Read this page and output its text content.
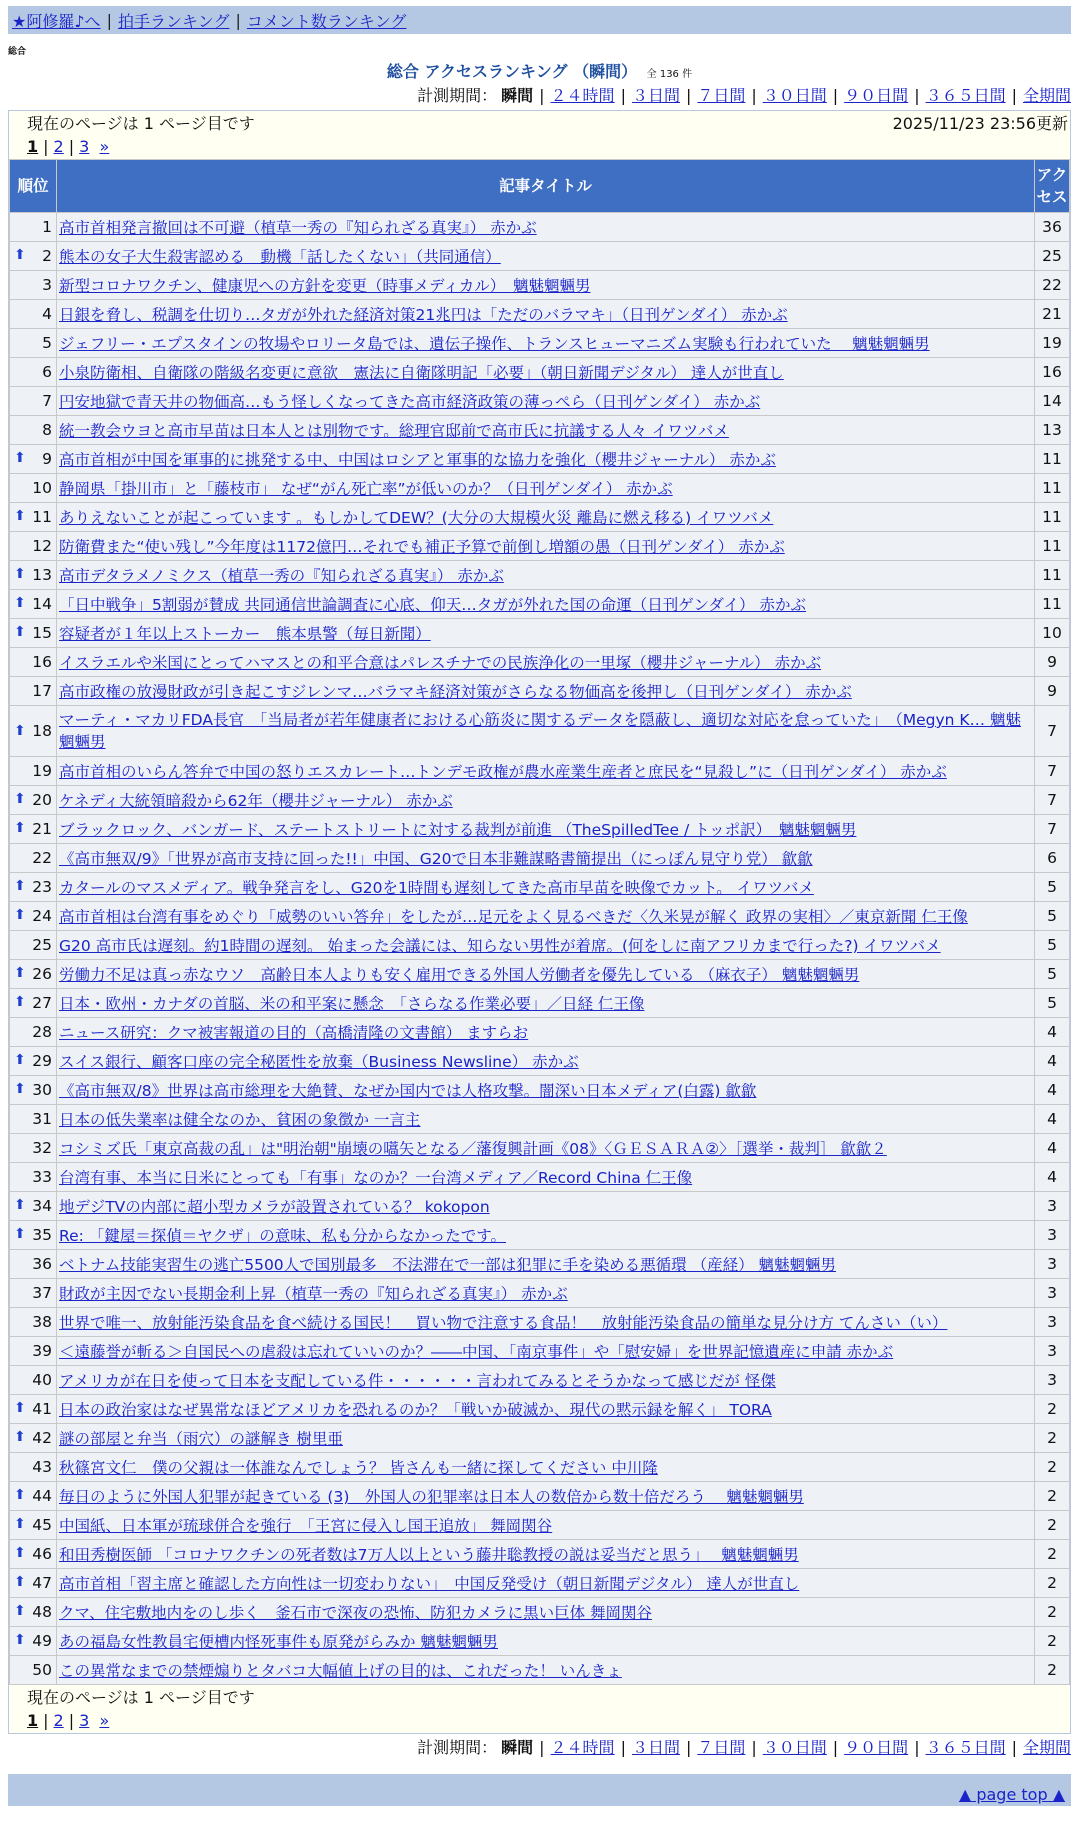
★阿修羅♪へ | 拍手ランキング | コメント数ランキング
総合
総合 アクセスランキング （瞬間） 全 136 件
計測期間： 瞬間 | ２４時間 | ３日間 | ７日間 | ３０日間 | ９０日間 | ３６５日間 | 全期間
現在のページは 1 ページ目です	2025/11/23 23:56更新
1 | 2 | 3 »
順位	記事タイトル	アクセス
1	高市首相発言撤回は不可避（植草一秀の『知られざる真実』） 赤かぶ	36

⬆ 2	熊本の女子大生殺害認める　動機「話したくない」（共同通信）	25
3	新型コロナワクチン、健康児への方針を変更（時事メディカル）　魑魅魍魎男	22
4	日銀を脅し、税調を仕切り…タガが外れた経済対策21兆円は「ただのバラマキ」（日刊ゲンダイ） 赤かぶ	21
5	ジェフリー・エプスタインの牧場やロリータ島では、遺伝子操作、トランスヒューマニズム実験も行われていた　 魑魅魍魎男	19
6	小泉防衛相、自衛隊の階級名変更に意欲　憲法に自衛隊明記「必要」（朝日新聞デジタル） 達人が世直し	16
7	円安地獄で青天井の物価高…もう怪しくなってきた高市経済政策の薄っぺら（日刊ゲンダイ） 赤かぶ	14
8	統一教会ウヨと高市早苗は日本人とは別物です。総理官邸前で高市氏に抗議する人々 イワツバメ	13

⬆ 9	高市首相が中国を軍事的に挑発する中、中国はロシアと軍事的な協力を強化（櫻井ジャーナル） 赤かぶ	11
10	静岡県「掛川市」と「藤枝市」 なぜ“がん死亡率”が低いのか？（日刊ゲンダイ） 赤かぶ	11

⬆ 11	ありえないことが起こっています 。もしかしてDEW？(大分の大規模火災 離島に燃え移る) イワツバメ	11
12	防衛費また“使い残し”今年度は1172億円…それでも補正予算で前倒し増額の愚（日刊ゲンダイ） 赤かぶ	11

⬆ 13	高市デタラメノミクス（植草一秀の『知られざる真実』） 赤かぶ	11

⬆ 14	「日中戦争」5割弱が賛成 共同通信世論調査に心底、仰天…タガが外れた国の命運（日刊ゲンダイ） 赤かぶ	11

⬆ 15	容疑者が１年以上ストーカー　熊本県警（毎日新聞）	10
16	イスラエルや米国にとってハマスとの和平合意はパレスチナでの民族浄化の一里塚（櫻井ジャーナル） 赤かぶ	9
17	高市政権の放漫財政が引き起こすジレンマ…バラマキ経済対策がさらなる物価高を後押し（日刊ゲンダイ） 赤かぶ	9

⬆ 18	マーティ・マカリFDA長官　「当局者が若年健康者における心筋炎に関するデータを隠蔽し、適切な対応を怠っていた」　（Megyn K… 魑魅魍魎男	7
19	高市首相のいらん答弁で中国の怒りエスカレート…トンデモ政権が農水産業生産者と庶民を“見殺し”に（日刊ゲンダイ） 赤かぶ	7

⬆ 20	ケネディ大統領暗殺から62年（櫻井ジャーナル） 赤かぶ	7

⬆ 21	ブラックロック、バンガード、ステートストリートに対する裁判が前進 （TheSpilledTee / トッポ訳）　魑魅魍魎男	7
22	《高市無双/9》「世界が高市支持に回った!!」中国、G20で日本非難謀略書簡提出（にっぽん見守り党） 歙歙	6

⬆ 23	カタールのマスメディア。戦争発言をし、G20を1時間も遅刻してきた高市早苗を映像でカット。 イワツバメ	5

⬆ 24	高市首相は台湾有事をめぐり「威勢のいい答弁」をしたが…足元をよく見るべきだ〈久米晃が解く 政界の実相〉／東京新聞 仁王像	5
25	G20 高市氏は遅刻。約1時間の遅刻。 始まった会議には、知らない男性が着席。(何をしに南アフリカまで行った?) イワツバメ	5

⬆ 26	労働力不足は真っ赤なウソ　高齢日本人よりも安く雇用できる外国人労働者を優先している （麻衣子） 魑魅魍魎男	5

⬆ 27	日本・欧州・カナダの首脳、米の和平案に懸念　「さらなる作業必要」／日経 仁王像	5
28	ニュース研究：クマ被害報道の目的（高橋清隆の文書館） ますらお	4

⬆ 29	スイス銀行、顧客口座の完全秘匿性を放棄（Business Newsline） 赤かぶ	4

⬆ 30	《高市無双/8》世界は高市総理を大絶賛、なぜか国内では人格攻撃。闇深い日本メディア(白露) 歙歙	4
31	日本の低失業率は健全なのか、貧困の象徴か 一言主	4
32	コシミズ氏「東京高裁の乱」は"明治朝"崩壊の嚆矢となる／藩復興計画《08》〈ＧＥＳＡＲＡ②〉［選挙・裁判］ 歙歙２	4
33	台湾有事、本当に日米にとっても「有事」なのか？一台湾メディア／Record China 仁王像	4

⬆ 34	地デジTVの内部に超小型カメラが設置されている？ kokopon	3

⬆ 35	Re: 「鍵屋＝探偵＝ヤクザ」の意味、私も分からなかったです。	3
36	ベトナム技能実習生の逃亡5500人で国別最多　不法滞在で一部は犯罪に手を染める悪循環 （産経） 魑魅魍魎男	3
37	財政が主因でない長期金利上昇（植草一秀の『知られざる真実』） 赤かぶ	3
38	世界で唯一、放射能汚染食品を食べ続ける国民！　買い物で注意する食品！　放射能汚染食品の簡単な見分け方 てんさい（い）	3
39	＜遠藤誉が斬る＞自国民への虐殺は忘れていいのか？――中国、「南京事件」や「慰安婦」を世界記憶遺産に申請 赤かぶ	3
40	アメリカが在日を使って日本を支配している件・・・・・・言われてみるとそうかなって感じだが 怪傑	3

⬆ 41	日本の政治家はなぜ異常なほどアメリカを恐れるのか？「戦いか破滅か、現代の黙示録を解く」 TORA	2

⬆ 42	謎の部屋と弁当（雨穴）の謎解き 樹里亜	2
43	秋篠宮文仁　僕の父親は一体誰なんでしょう？ 皆さんも一緒に探してください 中川隆	2

⬆ 44	毎日のように外国人犯罪が起きている (3)　外国人の犯罪率は日本人の数倍から数十倍だろう　 魑魅魍魎男	2

⬆ 45	中国紙、日本軍が琉球併合を強行　「王宮に侵入し国王追放」 舞岡関谷	2

⬆ 46	和田秀樹医師 「コロナワクチンの死者数は7万人以上という藤井聡教授の説は妥当だと思う」　 魑魅魍魎男	2

⬆ 47	高市首相「習主席と確認した方向性は一切変わりない」　中国反発受け（朝日新聞デジタル） 達人が世直し	2

⬆ 48	クマ、住宅敷地内をのし歩く　釜石市で深夜の恐怖、防犯カメラに黒い巨体 舞岡関谷	2

⬆ 49	あの福島女性教員宅便槽内怪死事件も原発がらみか 魑魅魍魎男	2
50	この異常なまでの禁煙煽りとタバコ大幅値上げの目的は、これだった！ いんきょ	2
現在のページは 1 ページ目です
1 | 2 | 3 »
計測期間： 瞬間 | ２４時間 | ３日間 | ７日間 | ３０日間 | ９０日間 | ３６５日間 | 全期間
▲ page top ▲
